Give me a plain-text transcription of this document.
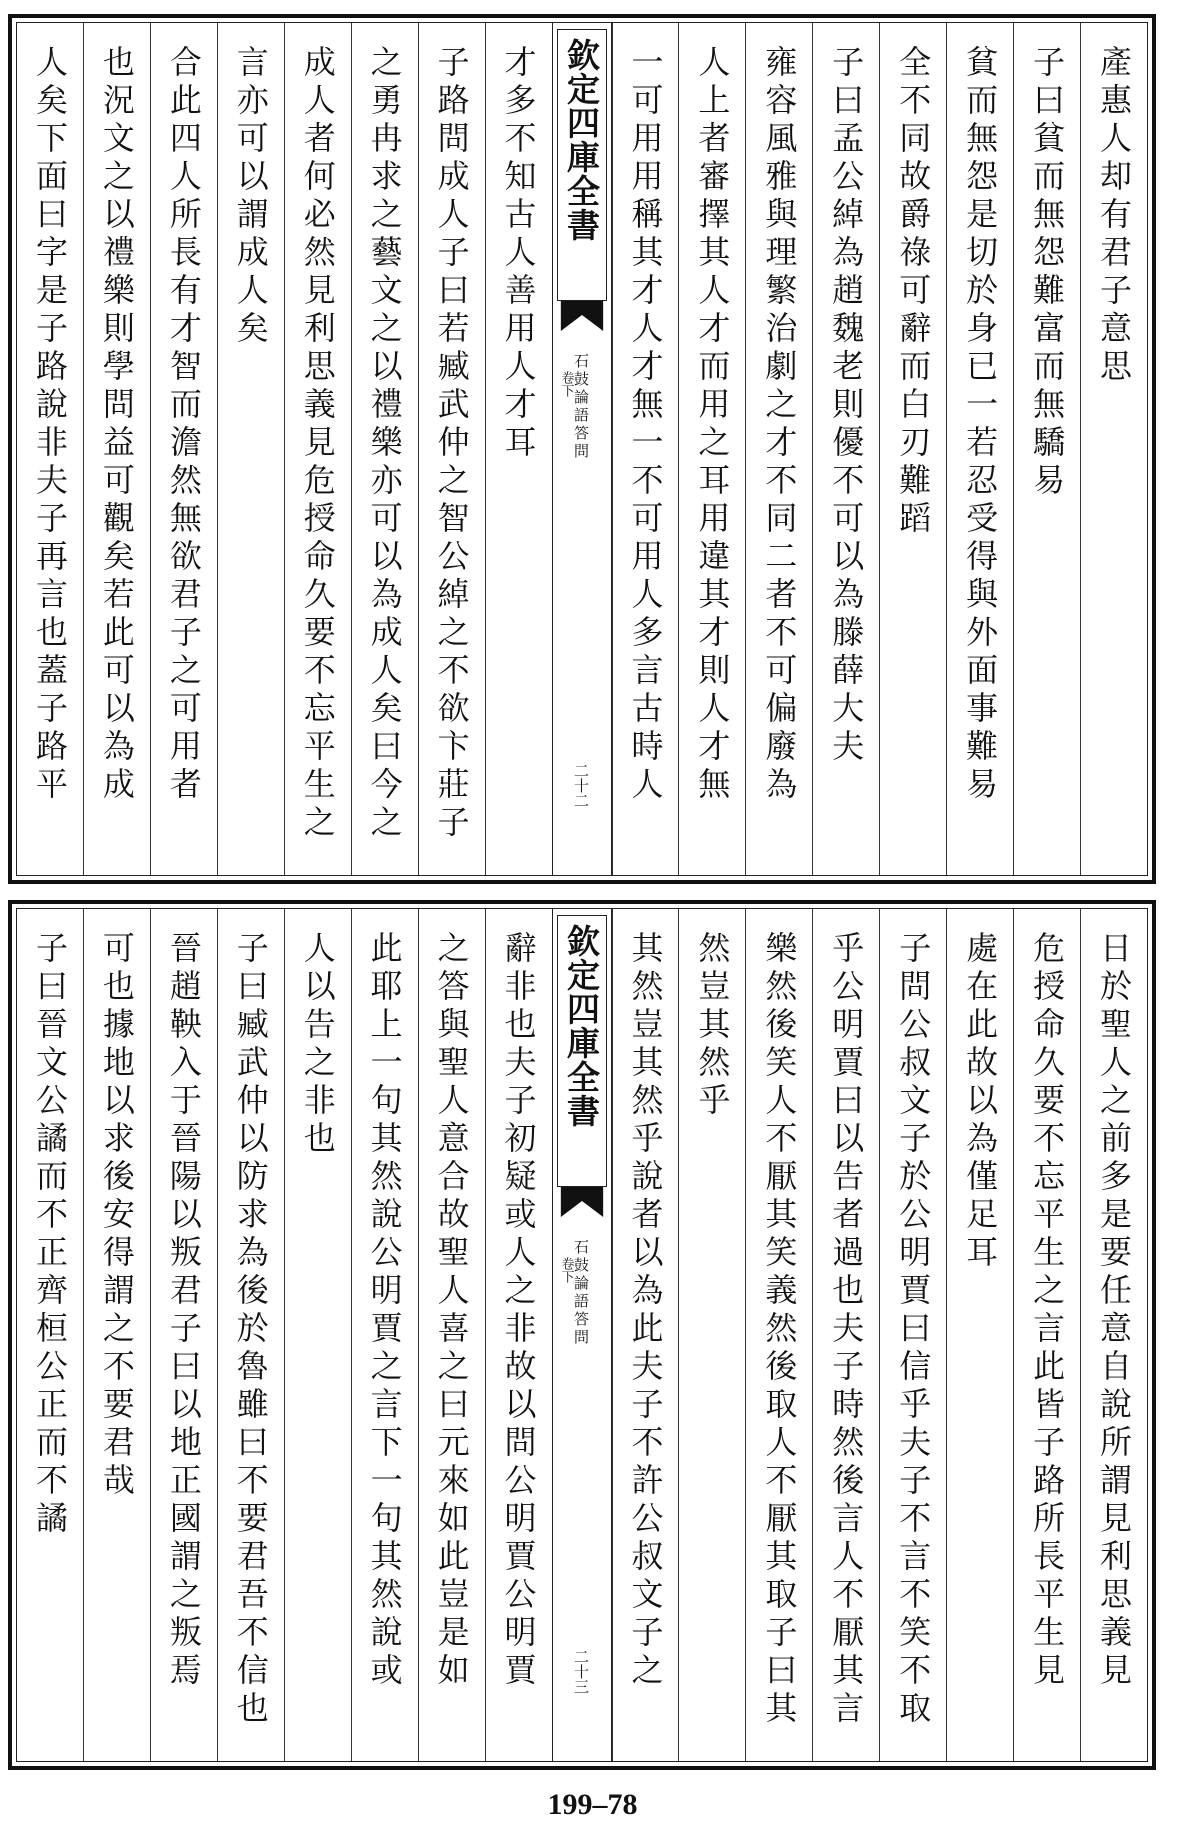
產惠人却有君子意思
子曰貧而無怨難富而無驕易
貧而無怨是切於身已一若忍受得與外面事難易
全不同故爵祿可辭而白刃難蹈
子曰孟公綽為趙魏老則優不可以為滕薛大夫
雍容風雅與理繁治劇之才不同二者不可偏廢為
人上者審擇其人才而用之耳用違其才則人才無
一可用用稱其才人才無一不可用人多言古時人
欽定四庫全書
卷下
石鼓論語答問
二十二
才多不知古人善用人才耳
子路問成人子曰若臧武仲之智公綽之不欲卞莊子
之勇冉求之藝文之以禮樂亦可以為成人矣曰今之
成人者何必然見利思義見危授命久要不忘平生之
言亦可以謂成人矣
合此四人所長有才智而澹然無欲君子之可用者
也況文之以禮樂則學問益可觀矣若此可以為成
人矣下面曰字是子路說非夫子再言也蓋子路平
日於聖人之前多是要任意自說所謂見利思義見
危授命久要不忘平生之言此皆子路所長平生見
處在此故以為僅足耳
子問公叔文子於公明賈曰信乎夫子不言不笑不取
乎公明賈曰以告者過也夫子時然後言人不厭其言
樂然後笑人不厭其笑義然後取人不厭其取子曰其
然豈其然乎
其然豈其然乎說者以為此夫子不許公叔文子之
欽定四庫全書
卷下
石鼓論語答問
二十三
辭非也夫子初疑或人之非故以問公明賈公明賈
之答與聖人意合故聖人喜之曰元來如此豈是如
此耶上一句其然說公明賈之言下一句其然說或
人以告之非也
子曰臧武仲以防求為後於魯雖曰不要君吾不信也
晉趙鞅入于晉陽以叛君子曰以地正國謂之叛焉
可也據地以求後安得謂之不要君哉
子曰晉文公譎而不正齊桓公正而不譎
199–78
